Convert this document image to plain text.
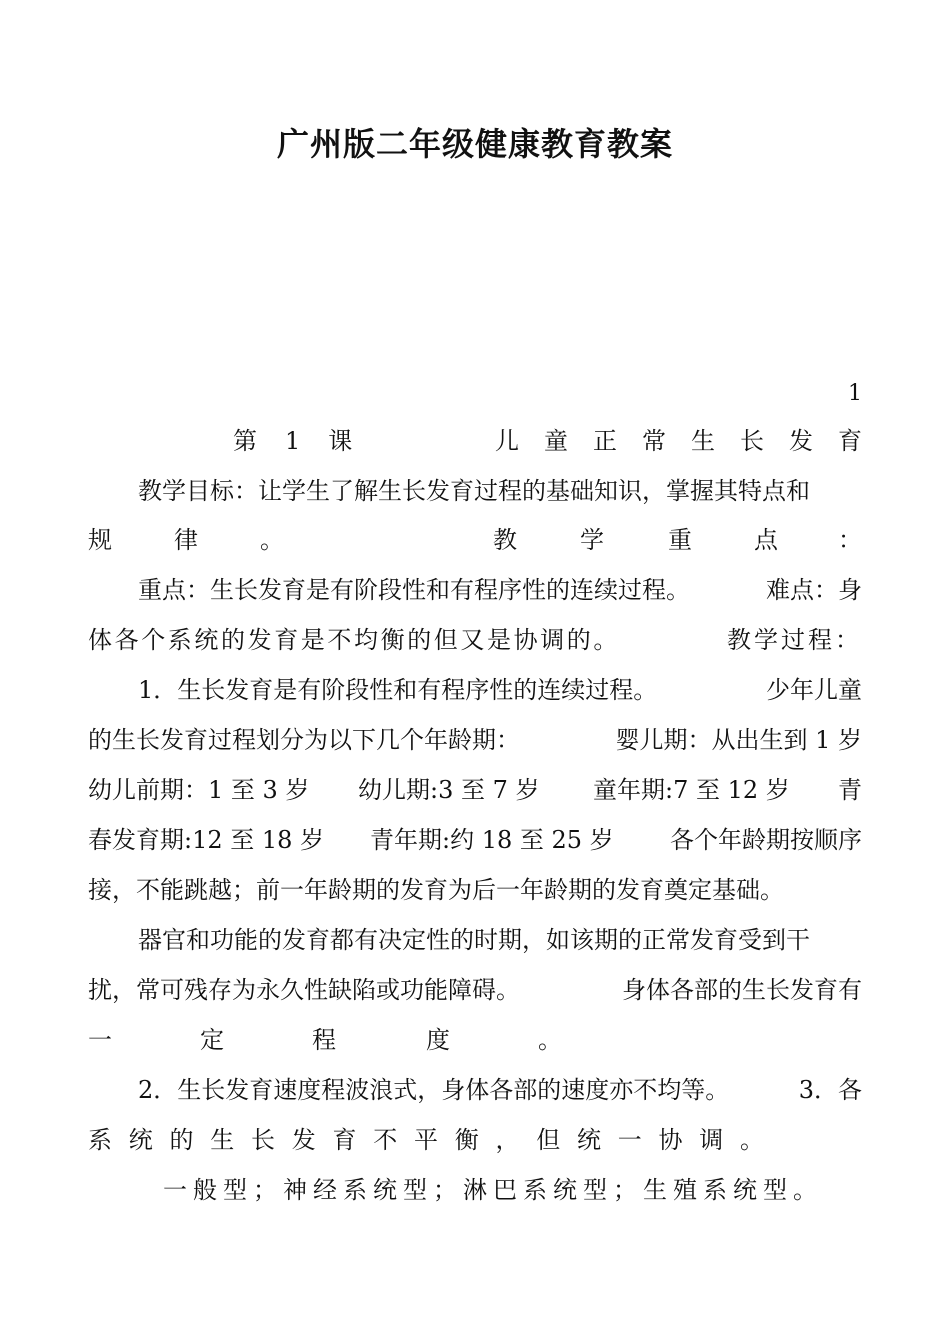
广州版二年级健康教育教案
1
第 1 课	儿 童 正 常 生 长 发 育
教学目标：让学生了解生长发育过程的基础知识，掌握其特点和
规	律	。	教	学	重	点	：
重点：生长发育是有阶段性和有程序性的连续过程。	难点：身
体各个系统的发育是不均衡的但又是协调的。	教学过程：
1．生长发育是有阶段性和有程序性的连续过程。	少年儿童
的生长发育过程划分为以下几个年龄期：	婴儿期：从出生到 1 岁
幼儿前期：1 至 3 岁 幼儿期:3 至 7 岁 童年期:7 至 12 岁 青
春发育期:12 至 18 岁 青年期:约 18 至 25 岁 各个年龄期按顺序
接，不能跳越；前一年龄期的发育为后一年龄期的发育奠定基础。
器官和功能的发育都有决定性的时期，如该期的正常发育受到干
扰，常可残存为永久性缺陷或功能障碍。	身体各部的生长发育有
一	定	程	度	。
2．生长发育速度程波浪式，身体各部的速度亦不均等。	3．各
系 统 的 生 长 发 育 不 平 衡 ， 但 统 一 协 调 。
一般型；神经系统型；淋巴系统型；生殖系统型。
